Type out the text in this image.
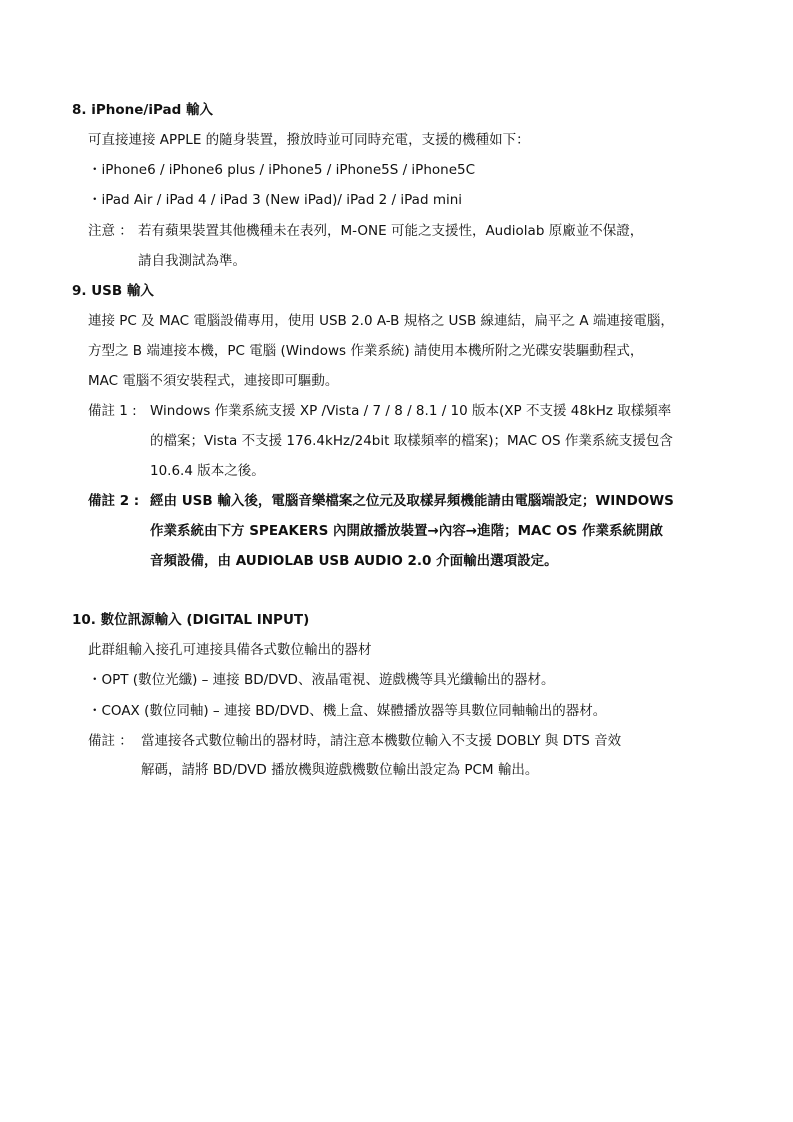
8. iPhone/iPad 輸入
可直接連接 APPLE 的隨身裝置，撥放時並可同時充電，支援的機種如下：
・iPhone6 / iPhone6 plus / iPhone5 / iPhone5S / iPhone5C
・iPad Air / iPad 4 / iPad 3 (New iPad)/ iPad 2 / iPad mini
注意 ： 若有蘋果裝置其他機種未在表列，M-ONE 可能之支援性，Audiolab 原廠並不保證，
請自我測試為準。
9. USB 輸入
連接 PC 及 MAC 電腦設備專用，使用 USB 2.0 A-B 規格之 USB 線連結，扁平之 A 端連接電腦，
方型之 B 端連接本機，PC 電腦 (Windows 作業系統) 請使用本機所附之光碟安裝驅動程式，
MAC 電腦不須安裝程式，連接即可驅動。
備註 1 : Windows 作業系統支援 XP /Vista / 7 / 8 / 8.1 / 10 版本(XP 不支援 48kHz 取樣頻率
的檔案；Vista 不支援 176.4kHz/24bit 取樣頻率的檔案)；MAC OS 作業系統支援包含
10.6.4 版本之後。
備註 2 : 經由 USB 輸入後，電腦音樂檔案之位元及取樣昇頻機能請由電腦端設定；WINDOWS
作業系統由下方 SPEAKERS 內開啟播放裝置→內容→進階；MAC OS 作業系統開啟
音頻設備，由 AUDIOLAB USB AUDIO 2.0 介面輸出選項設定。
10. 數位訊源輸入 (DIGITAL INPUT)
此群組輸入接孔可連接具備各式數位輸出的器材
・OPT (數位光纖) – 連接 BD/DVD、液晶電視、遊戲機等具光纖輸出的器材。
・COAX (數位同軸) – 連接 BD/DVD、機上盒、媒體播放器等具數位同軸輸出的器材。
備註 ： 當連接各式數位輸出的器材時，請注意本機數位輸入不支援 DOBLY 與 DTS 音效
解碼，請將 BD/DVD 播放機與遊戲機數位輸出設定為 PCM 輸出。
